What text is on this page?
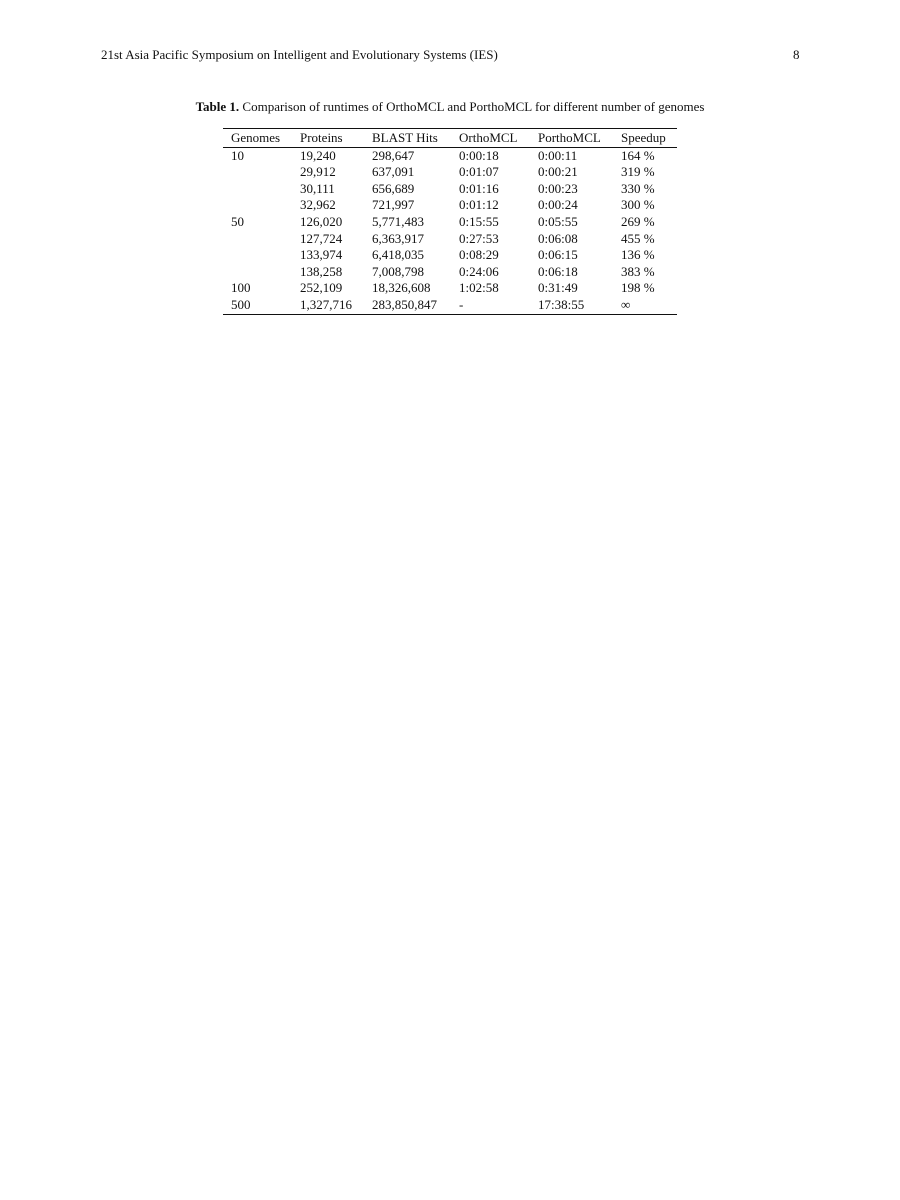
21st Asia Pacific Symposium on Intelligent and Evolutionary Systems (IES)	8
Table 1. Comparison of runtimes of OrthoMCL and PorthoMCL for different number of genomes
Genomes	Proteins	BLAST Hits	OrthoMCL	PorthoMCL	Speedup
10	19,240	298,647	0:00:18	0:00:11	164 %
	29,912	637,091	0:01:07	0:00:21	319 %
	30,111	656,689	0:01:16	0:00:23	330 %
	32,962	721,997	0:01:12	0:00:24	300 %
50	126,020	5,771,483	0:15:55	0:05:55	269 %
	127,724	6,363,917	0:27:53	0:06:08	455 %
	133,974	6,418,035	0:08:29	0:06:15	136 %
	138,258	7,008,798	0:24:06	0:06:18	383 %
100	252,109	18,326,608	1:02:58	0:31:49	198 %
500	1,327,716	283,850,847	-	17:38:55	∞
